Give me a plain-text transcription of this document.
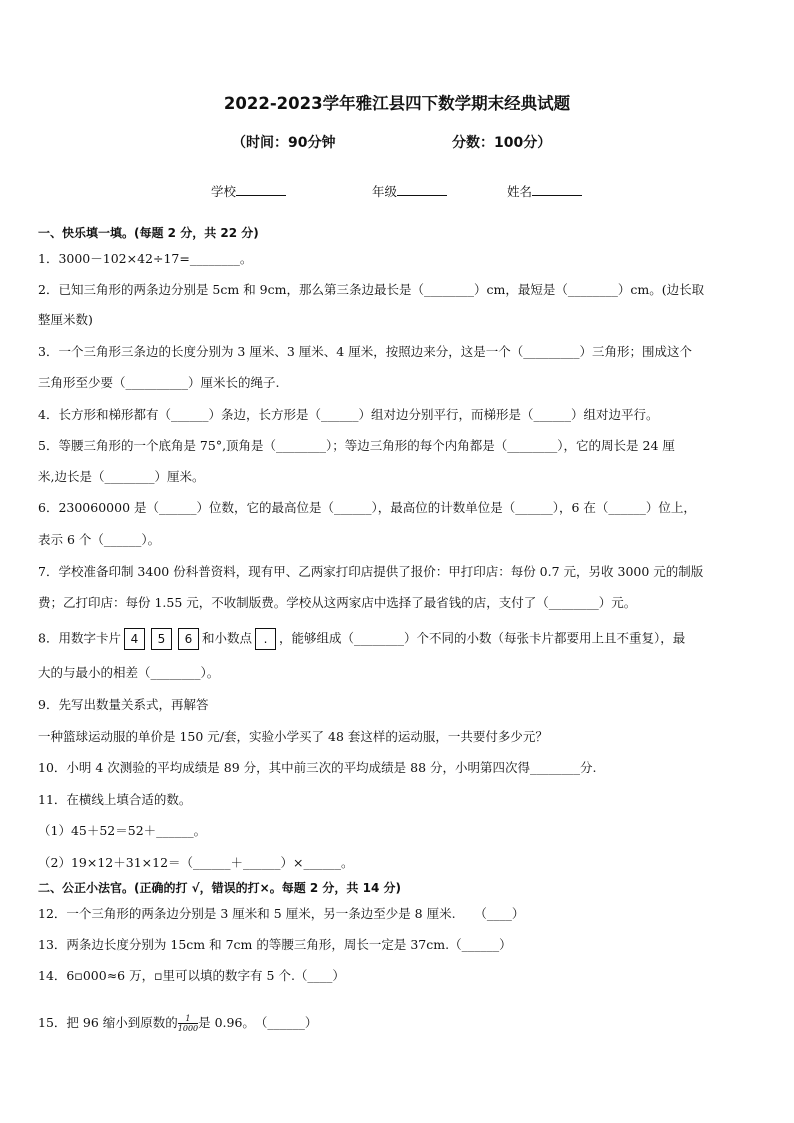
2022-2023学年雅江县四下数学期末经典试题
（时间：90分钟	分数：100分）
学校	年级	姓名
一、快乐填一填。(每题 2 分，共 22 分)
1．3000－102×42÷17=________。
2．已知三角形的两条边分别是 5cm 和 9cm，那么第三条边最长是（________）cm，最短是（________）cm。(边长取
整厘米数)
3．一个三角形三条边的长度分别为 3 厘米、3 厘米、4 厘米，按照边来分，这是一个（_________）三角形；围成这个
三角形至少要（__________）厘米长的绳子.
4．长方形和梯形都有（______）条边，长方形是（______）组对边分别平行，而梯形是（______）组对边平行。
5．等腰三角形的一个底角是 75°,顶角是（________）；等边三角形的每个内角都是（________），它的周长是 24 厘
米,边长是（________）厘米。
6．230060000 是（______）位数，它的最高位是（______），最高位的计数单位是（______），6 在（______）位上，
表示 6 个（______）。
7．学校准备印制 3400 份科普资料，现有甲、乙两家打印店提供了报价：甲打印店：每份 0.7 元，另收 3000 元的制版
费；乙打印店：每份 1.55 元，不收制版费。学校从这两家店中选择了最省钱的店，支付了（________）元。
8．用数字卡片 4 5 6 和小数点 . ，能够组成（________）个不同的小数（每张卡片都要用上且不重复），最
大的与最小的相差（________）。
9．先写出数量关系式，再解答
一种篮球运动服的单价是 150 元/套，实验小学买了 48 套这样的运动服，一共要付多少元？
10．小明 4 次测验的平均成绩是 89 分，其中前三次的平均成绩是 88 分，小明第四次得________分.
11．在横线上填合适的数。
（1）45＋52＝52＋______。
（2）19×12＋31×12＝（______＋______）×______。
二、公正小法官。(正确的打 √，错误的打×。每题 2 分，共 14 分)
12．一个三角形的两条边分别是 3 厘米和 5 厘米，另一条边至少是 8 厘米.　　（____）
13．两条边长度分别为 15cm 和 7cm 的等腰三角形，周长一定是 37cm.（______）
14．6▫000≈6 万，▫里可以填的数字有 5 个.（____）
15．把 96 缩小到原数的 $\frac{1}{1000}$ 是 0.96。　（______）
